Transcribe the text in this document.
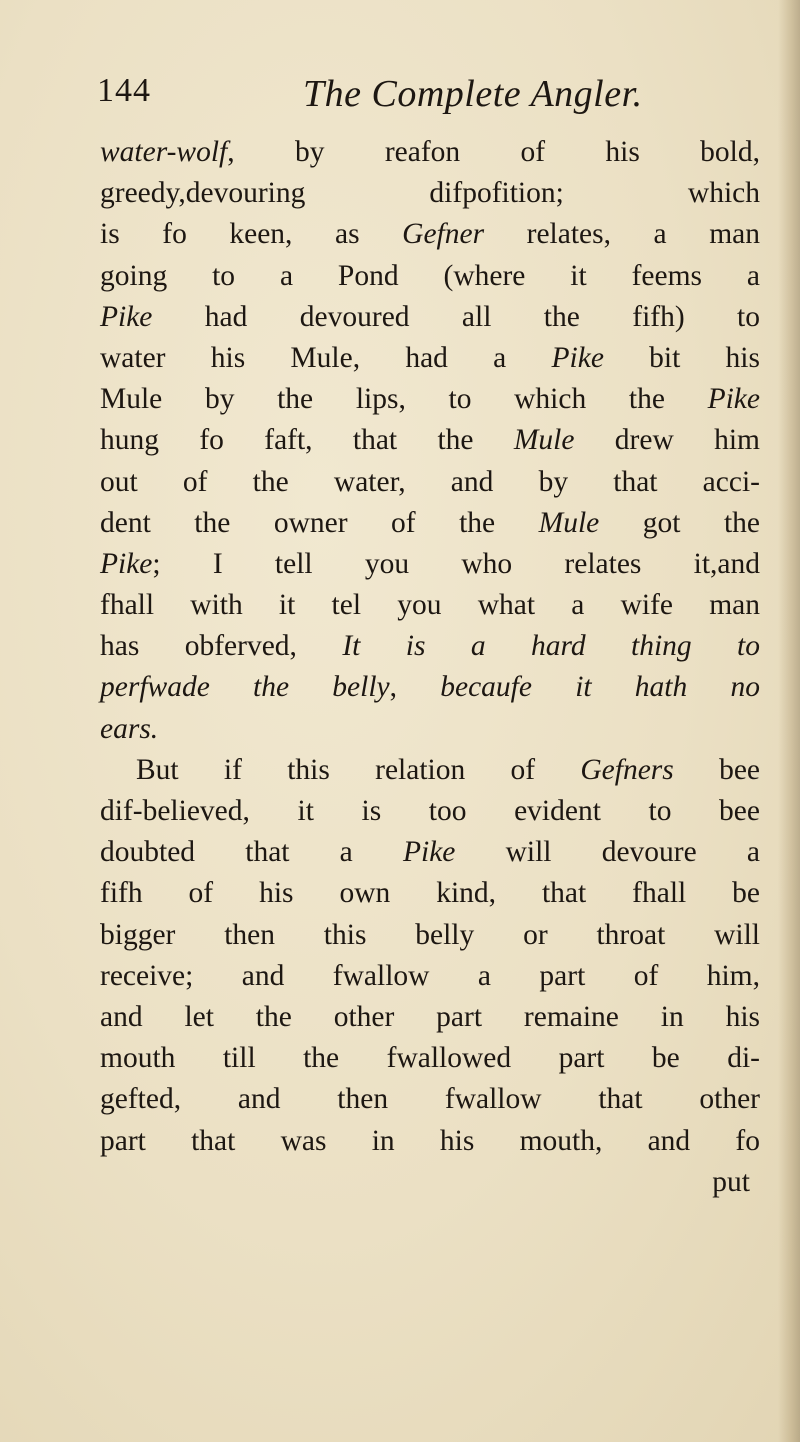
144	The Complete Angler.
water-wolf, by reafon of his bold,
greedy,devouring difpofition; which
is fo keen, as Gefner relates, a man
going to a Pond (where it feems a
Pike had devoured all the fifh) to
water his Mule, had a Pike bit his
Mule by the lips, to which the Pike
hung fo faft, that the Mule drew him
out of the water, and by that acci-
dent the owner of the Mule got the
Pike; I tell you who relates it,and
fhall with it tel you what a wife man
has obferved, It is a hard thing to
perfwade the belly, becaufe it hath no
ears.
But if this relation of Gefners bee
dif-believed, it is too evident to bee
doubted that a Pike will devoure a
fifh of his own kind, that fhall be
bigger then this belly or throat will
receive; and fwallow a part of him,
and let the other part remaine in his
mouth till the fwallowed part be di-
gefted, and then fwallow that other
part that was in his mouth, and fo
put
